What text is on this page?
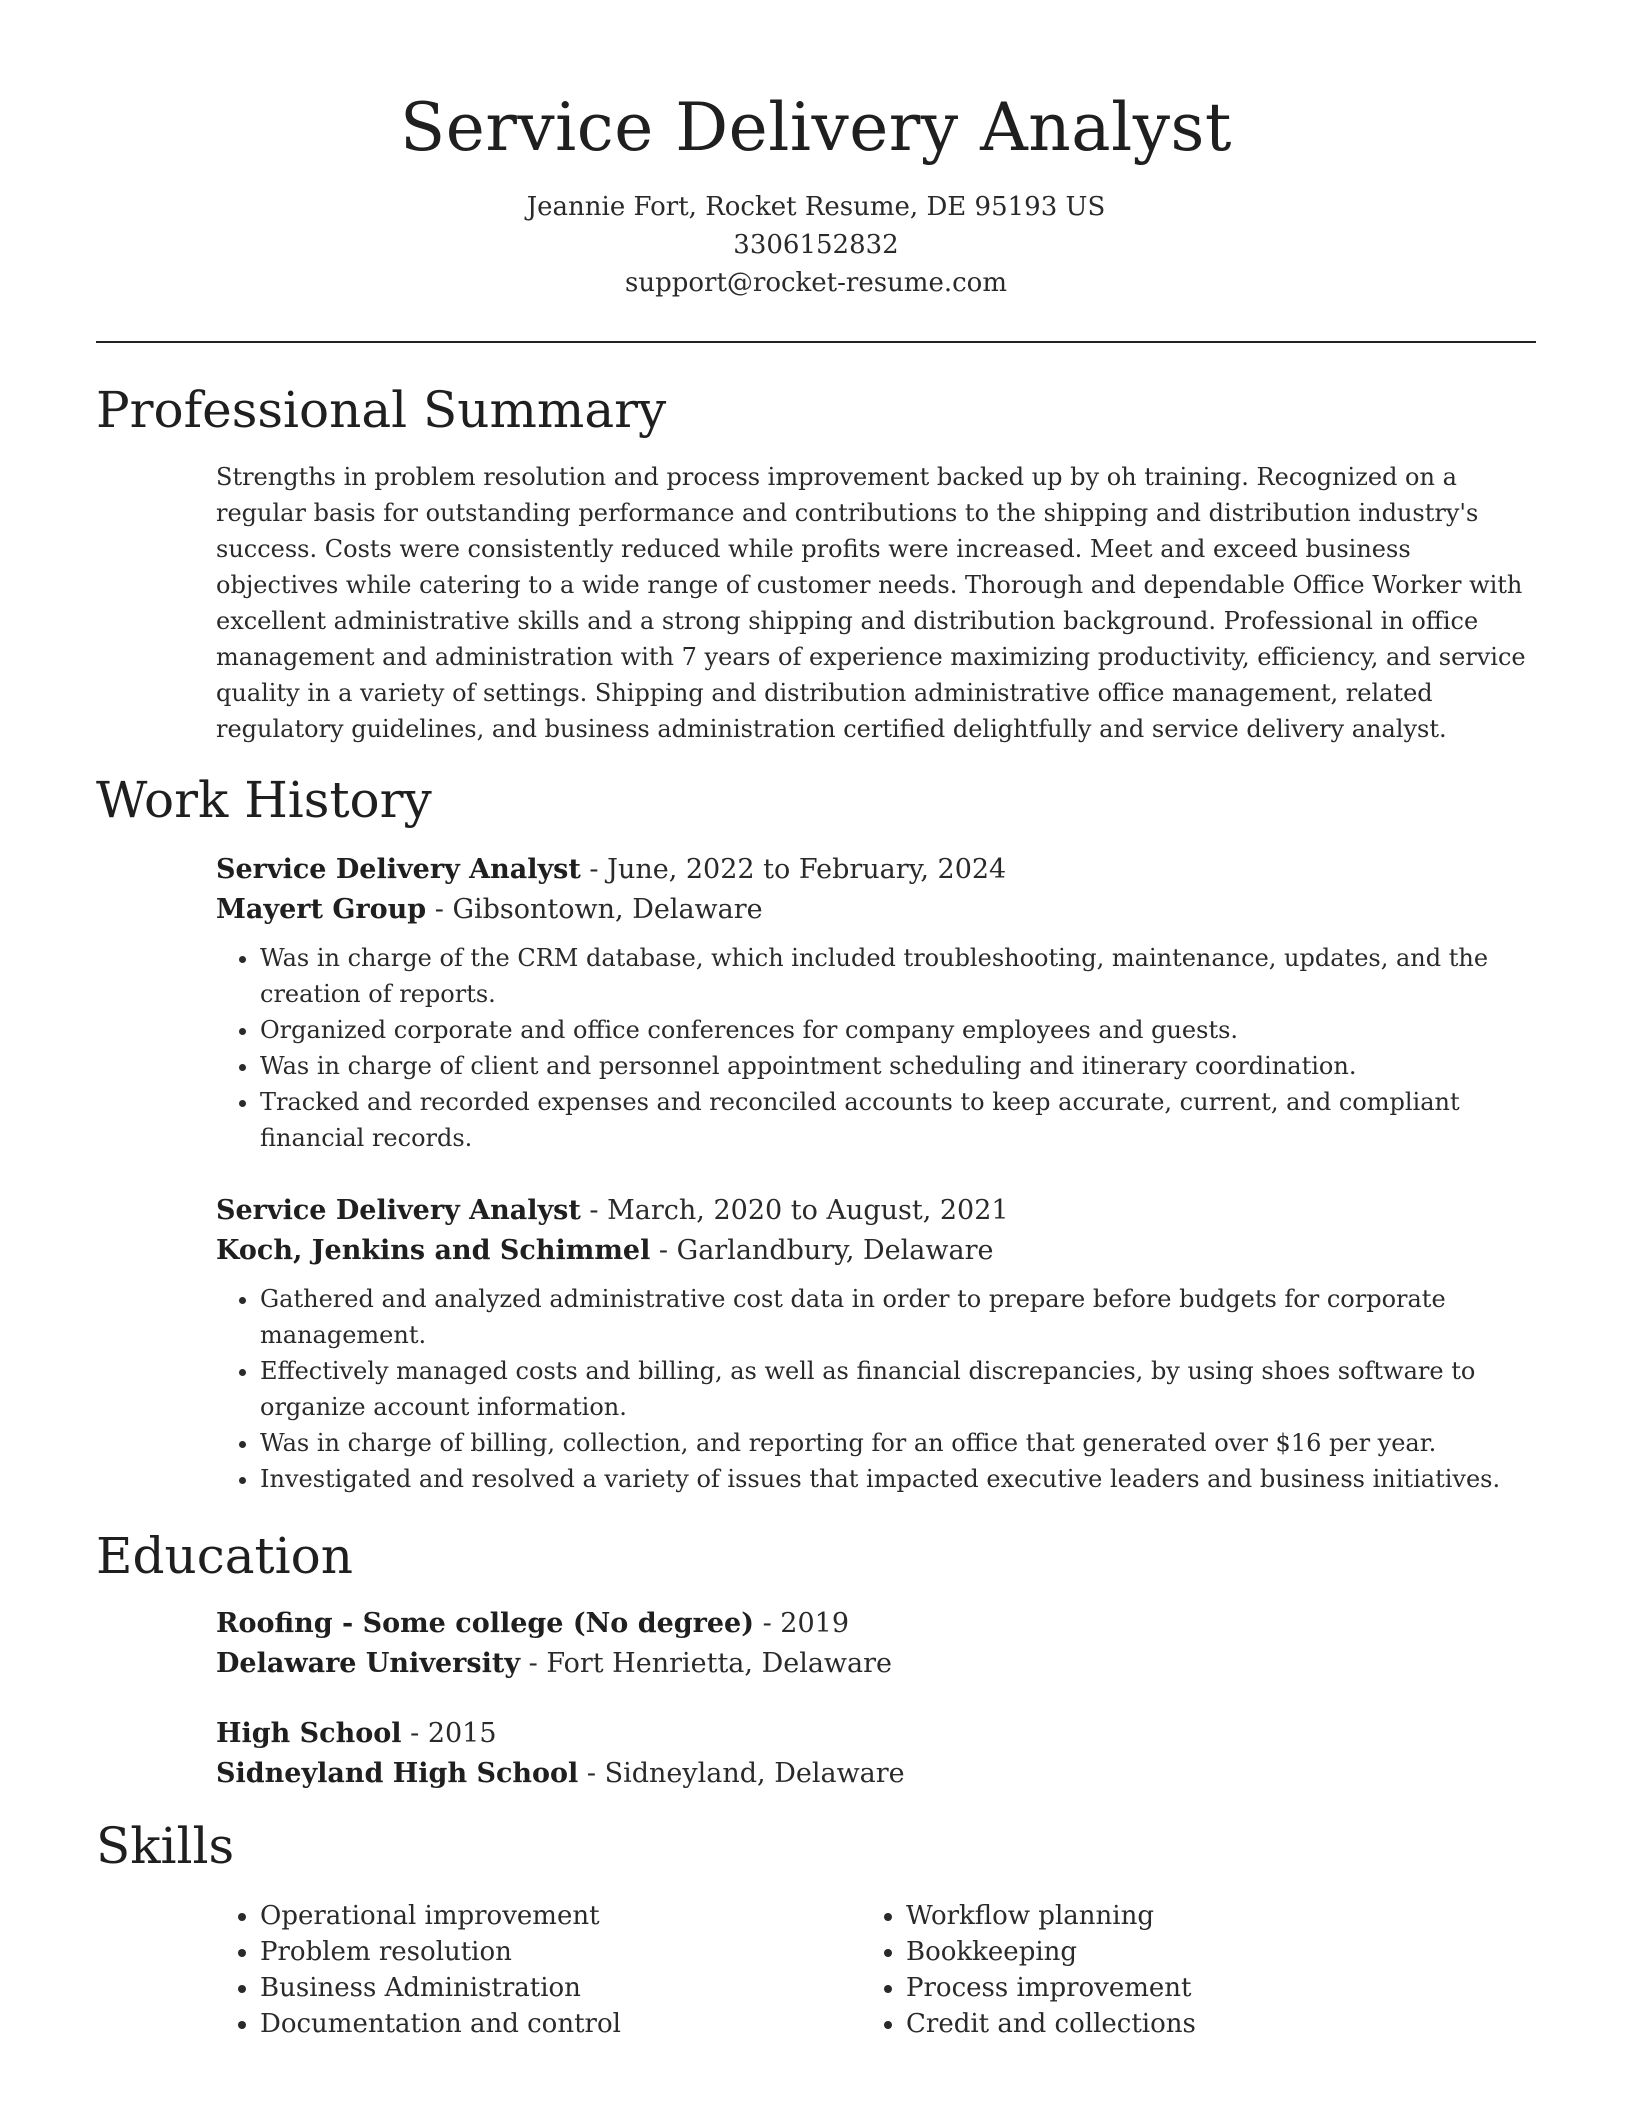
Service Delivery Analyst
Jeannie Fort, Rocket Resume, DE 95193 US
3306152832
support@rocket-resume.com
Professional Summary

Strengths in problem resolution and process improvement backed up by oh training. Recognized on a regular basis for outstanding performance and contributions to the shipping and distribution industry's success. Costs were consistently reduced while profits were increased. Meet and exceed business objectives while catering to a wide range of customer needs. Thorough and dependable Office Worker with excellent administrative skills and a strong shipping and distribution background. Professional in office management and administration with 7 years of experience maximizing productivity, efficiency, and service quality in a variety of settings. Shipping and distribution administrative office management, related regulatory guidelines, and business administration certified delightfully and service delivery analyst.

Work History
Service Delivery Analyst - June, 2022 to February, 2024
Mayert Group - Gibsontown, Delaware
• Was in charge of the CRM database, which included troubleshooting, maintenance, updates, and the creation of reports.
• Organized corporate and office conferences for company employees and guests.
• Was in charge of client and personnel appointment scheduling and itinerary coordination.
• Tracked and recorded expenses and reconciled accounts to keep accurate, current, and compliant financial records.
Service Delivery Analyst - March, 2020 to August, 2021
Koch, Jenkins and Schimmel - Garlandbury, Delaware
• Gathered and analyzed administrative cost data in order to prepare before budgets for corporate management.
• Effectively managed costs and billing, as well as financial discrepancies, by using shoes software to organize account information.
• Was in charge of billing, collection, and reporting for an office that generated over $16 per year.
• Investigated and resolved a variety of issues that impacted executive leaders and business initiatives.
Education
Roofing - Some college (No degree) - 2019
Delaware University - Fort Henrietta, Delaware
High School - 2015
Sidneyland High School - Sidneyland, Delaware
Skills
• Operational improvement
• Problem resolution
• Business Administration
• Documentation and control
• Workflow planning
• Bookkeeping
• Process improvement
• Credit and collections
